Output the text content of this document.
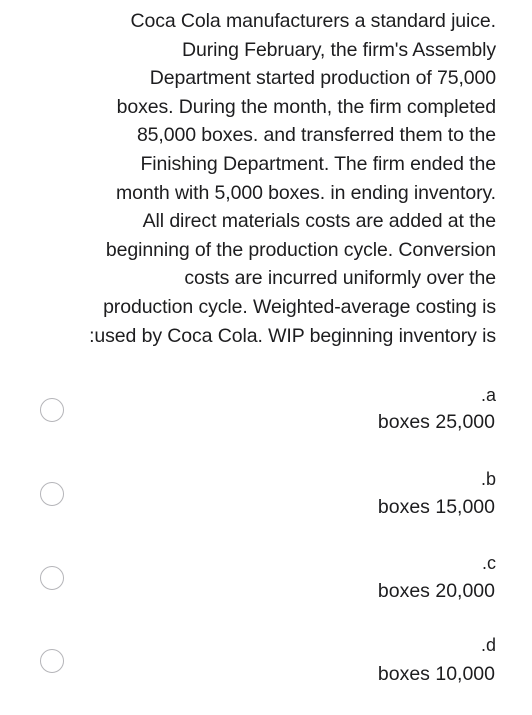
Coca Cola manufacturers a standard juice.
During February, the firm's Assembly
Department started production of 75,000
boxes. During the month, the firm completed
85,000 boxes. and transferred them to the
Finishing Department. The firm ended the
month with 5,000 boxes. in ending inventory.
All direct materials costs are added at the
beginning of the production cycle. Conversion
costs are incurred uniformly over the
production cycle. Weighted-average costing is
:used by Coca Cola. WIP beginning inventory is
.a
boxes 25,000
.b
boxes 15,000
.c
boxes 20,000
.d
boxes 10,000
